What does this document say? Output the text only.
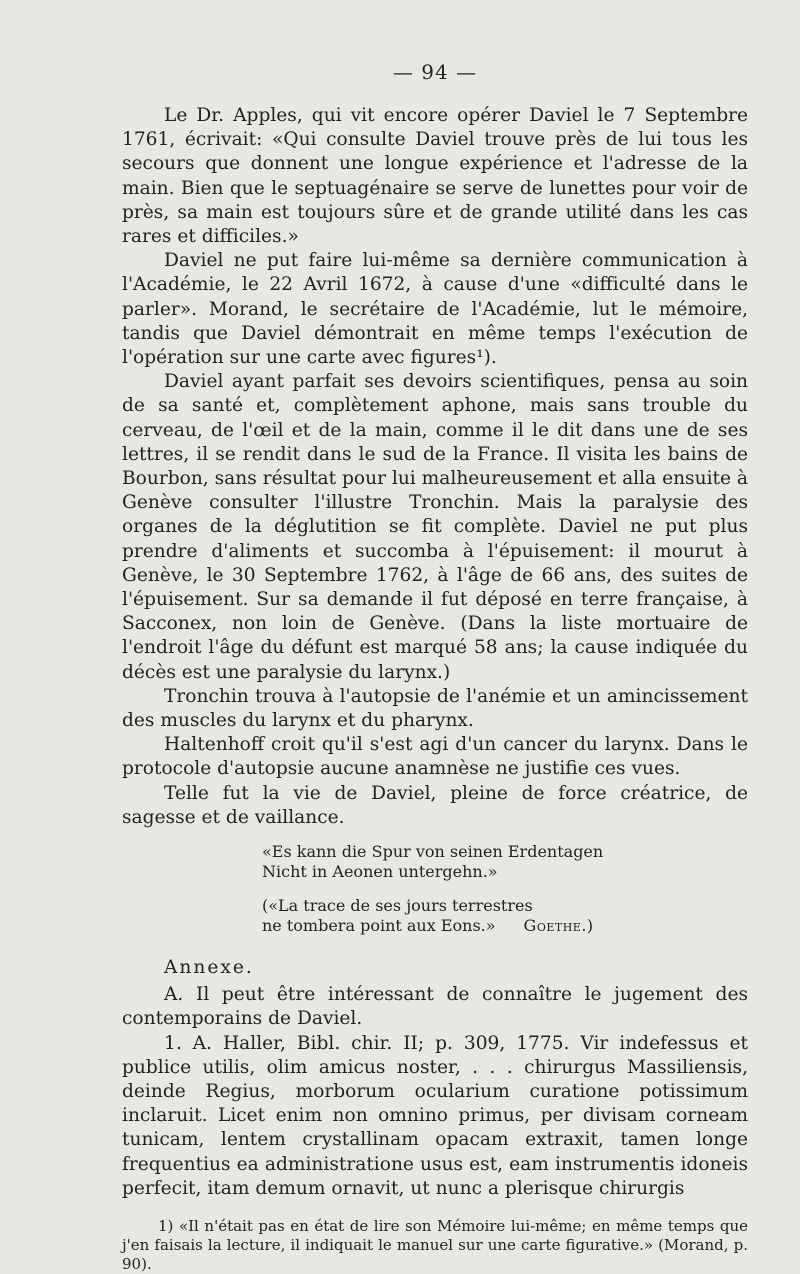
— 94 —

Le Dr. Apples, qui vit encore opérer Daviel le 7 Septembre 1761, écrivait: «Qui consulte Daviel trouve près de lui tous les secours que donnent une longue expérience et l'adresse de la main. Bien que le septuagénaire se serve de lunettes pour voir de près, sa main est toujours sûre et de grande utilité dans les cas rares et difficiles.»

Daviel ne put faire lui-même sa dernière communication à l'Académie, le 22 Avril 1672, à cause d'une «difficulté dans le parler». Morand, le secrétaire de l'Académie, lut le mémoire, tandis que Daviel démontrait en même temps l'exécution de l'opération sur une carte avec figures¹).

Daviel ayant parfait ses devoirs scientifiques, pensa au soin de sa santé et, complètement aphone, mais sans trouble du cerveau, de l'œil et de la main, comme il le dit dans une de ses lettres, il se rendit dans le sud de la France. Il visita les bains de Bourbon, sans résultat pour lui malheureusement et alla ensuite à Genève consulter l'illustre Tronchin. Mais la paralysie des organes de la déglutition se fit complète. Daviel ne put plus prendre d'aliments et succomba à l'épuisement: il mourut à Genève, le 30 Septembre 1762, à l'âge de 66 ans, des suites de l'épuisement. Sur sa demande il fut déposé en terre française, à Sacconex, non loin de Genève. (Dans la liste mortuaire de l'endroit l'âge du défunt est marqué 58 ans; la cause indiquée du décès est une paralysie du larynx.)

Tronchin trouva à l'autopsie de l'anémie et un amincissement des muscles du larynx et du pharynx.

Haltenhoff croit qu'il s'est agi d'un cancer du larynx. Dans le protocole d'autopsie aucune anamnèse ne justifie ces vues.

Telle fut la vie de Daviel, pleine de force créatrice, de sagesse et de vaillance.

«Es kann die Spur von seinen Erdentagen
Nicht in Aeonen untergehn.»
(«La trace de ses jours terrestres
ne tombera point aux Eons.» Goethe.)
Annexe.

A. Il peut être intéressant de connaître le jugement des contemporains de Daviel.

1. A. Haller, Bibl. chir. II; p. 309, 1775. Vir indefessus et publice utilis, olim amicus noster, . . . chirurgus Massiliensis, deinde Regius, morborum ocularium curatione potissimum inclaruit. Licet enim non omnino primus, per divisam corneam tunicam, lentem crystallinam opacam extraxit, tamen longe frequentius ea administratione usus est, eam instrumentis idoneis perfecit, itam demum ornavit, ut nunc a plerisque chirurgis

1) «Il n'était pas en état de lire son Mémoire lui-même; en même temps que j'en faisais la lecture, il indiquait le manuel sur une carte figurative.» (Morand, p. 90).
